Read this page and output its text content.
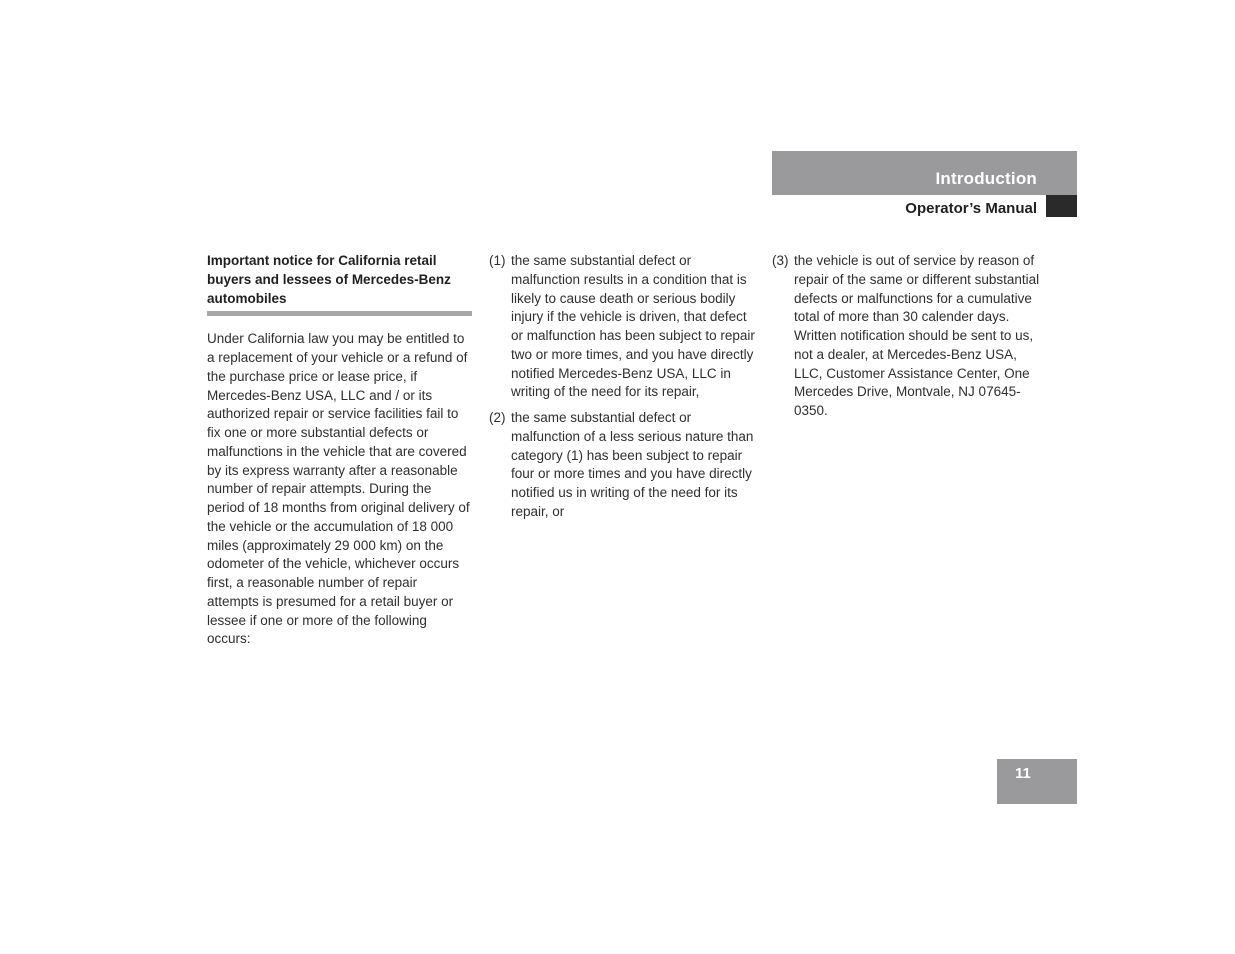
Introduction
Operator’s Manual

Important notice for California retail buyers and lessees of Mercedes-Benz automobiles

Under California law you may be entitled to a replacement of your vehicle or a refund of the purchase price or lease price, if Mercedes-Benz USA, LLC and / or its authorized repair or service facilities fail to fix one or more substantial defects or malfunctions in the vehicle that are covered by its express warranty after a reasonable number of repair attempts. During the period of 18 months from original delivery of the vehicle or the accumulation of 18 000 miles (approximately 29 000 km) on the odometer of the vehicle, whichever occurs first, a reasonable number of repair attempts is presumed for a retail buyer or lessee if one or more of the following occurs:

(1) the same substantial defect or malfunction results in a condition that is likely to cause death or serious bodily injury if the vehicle is driven, that defect or malfunction has been subject to repair two or more times, and you have directly notified Mercedes-Benz USA, LLC in writing of the need for its repair,
(2) the same substantial defect or malfunction of a less serious nature than category (1) has been subject to repair four or more times and you have directly notified us in writing of the need for its repair, or
(3) the vehicle is out of service by reason of repair of the same or different substantial defects or malfunctions for a cumulative total of more than 30 calender days. Written notification should be sent to us, not a dealer, at Mercedes-Benz USA, LLC, Customer Assistance Center, One Mercedes Drive, Montvale, NJ 07645-0350.
11
